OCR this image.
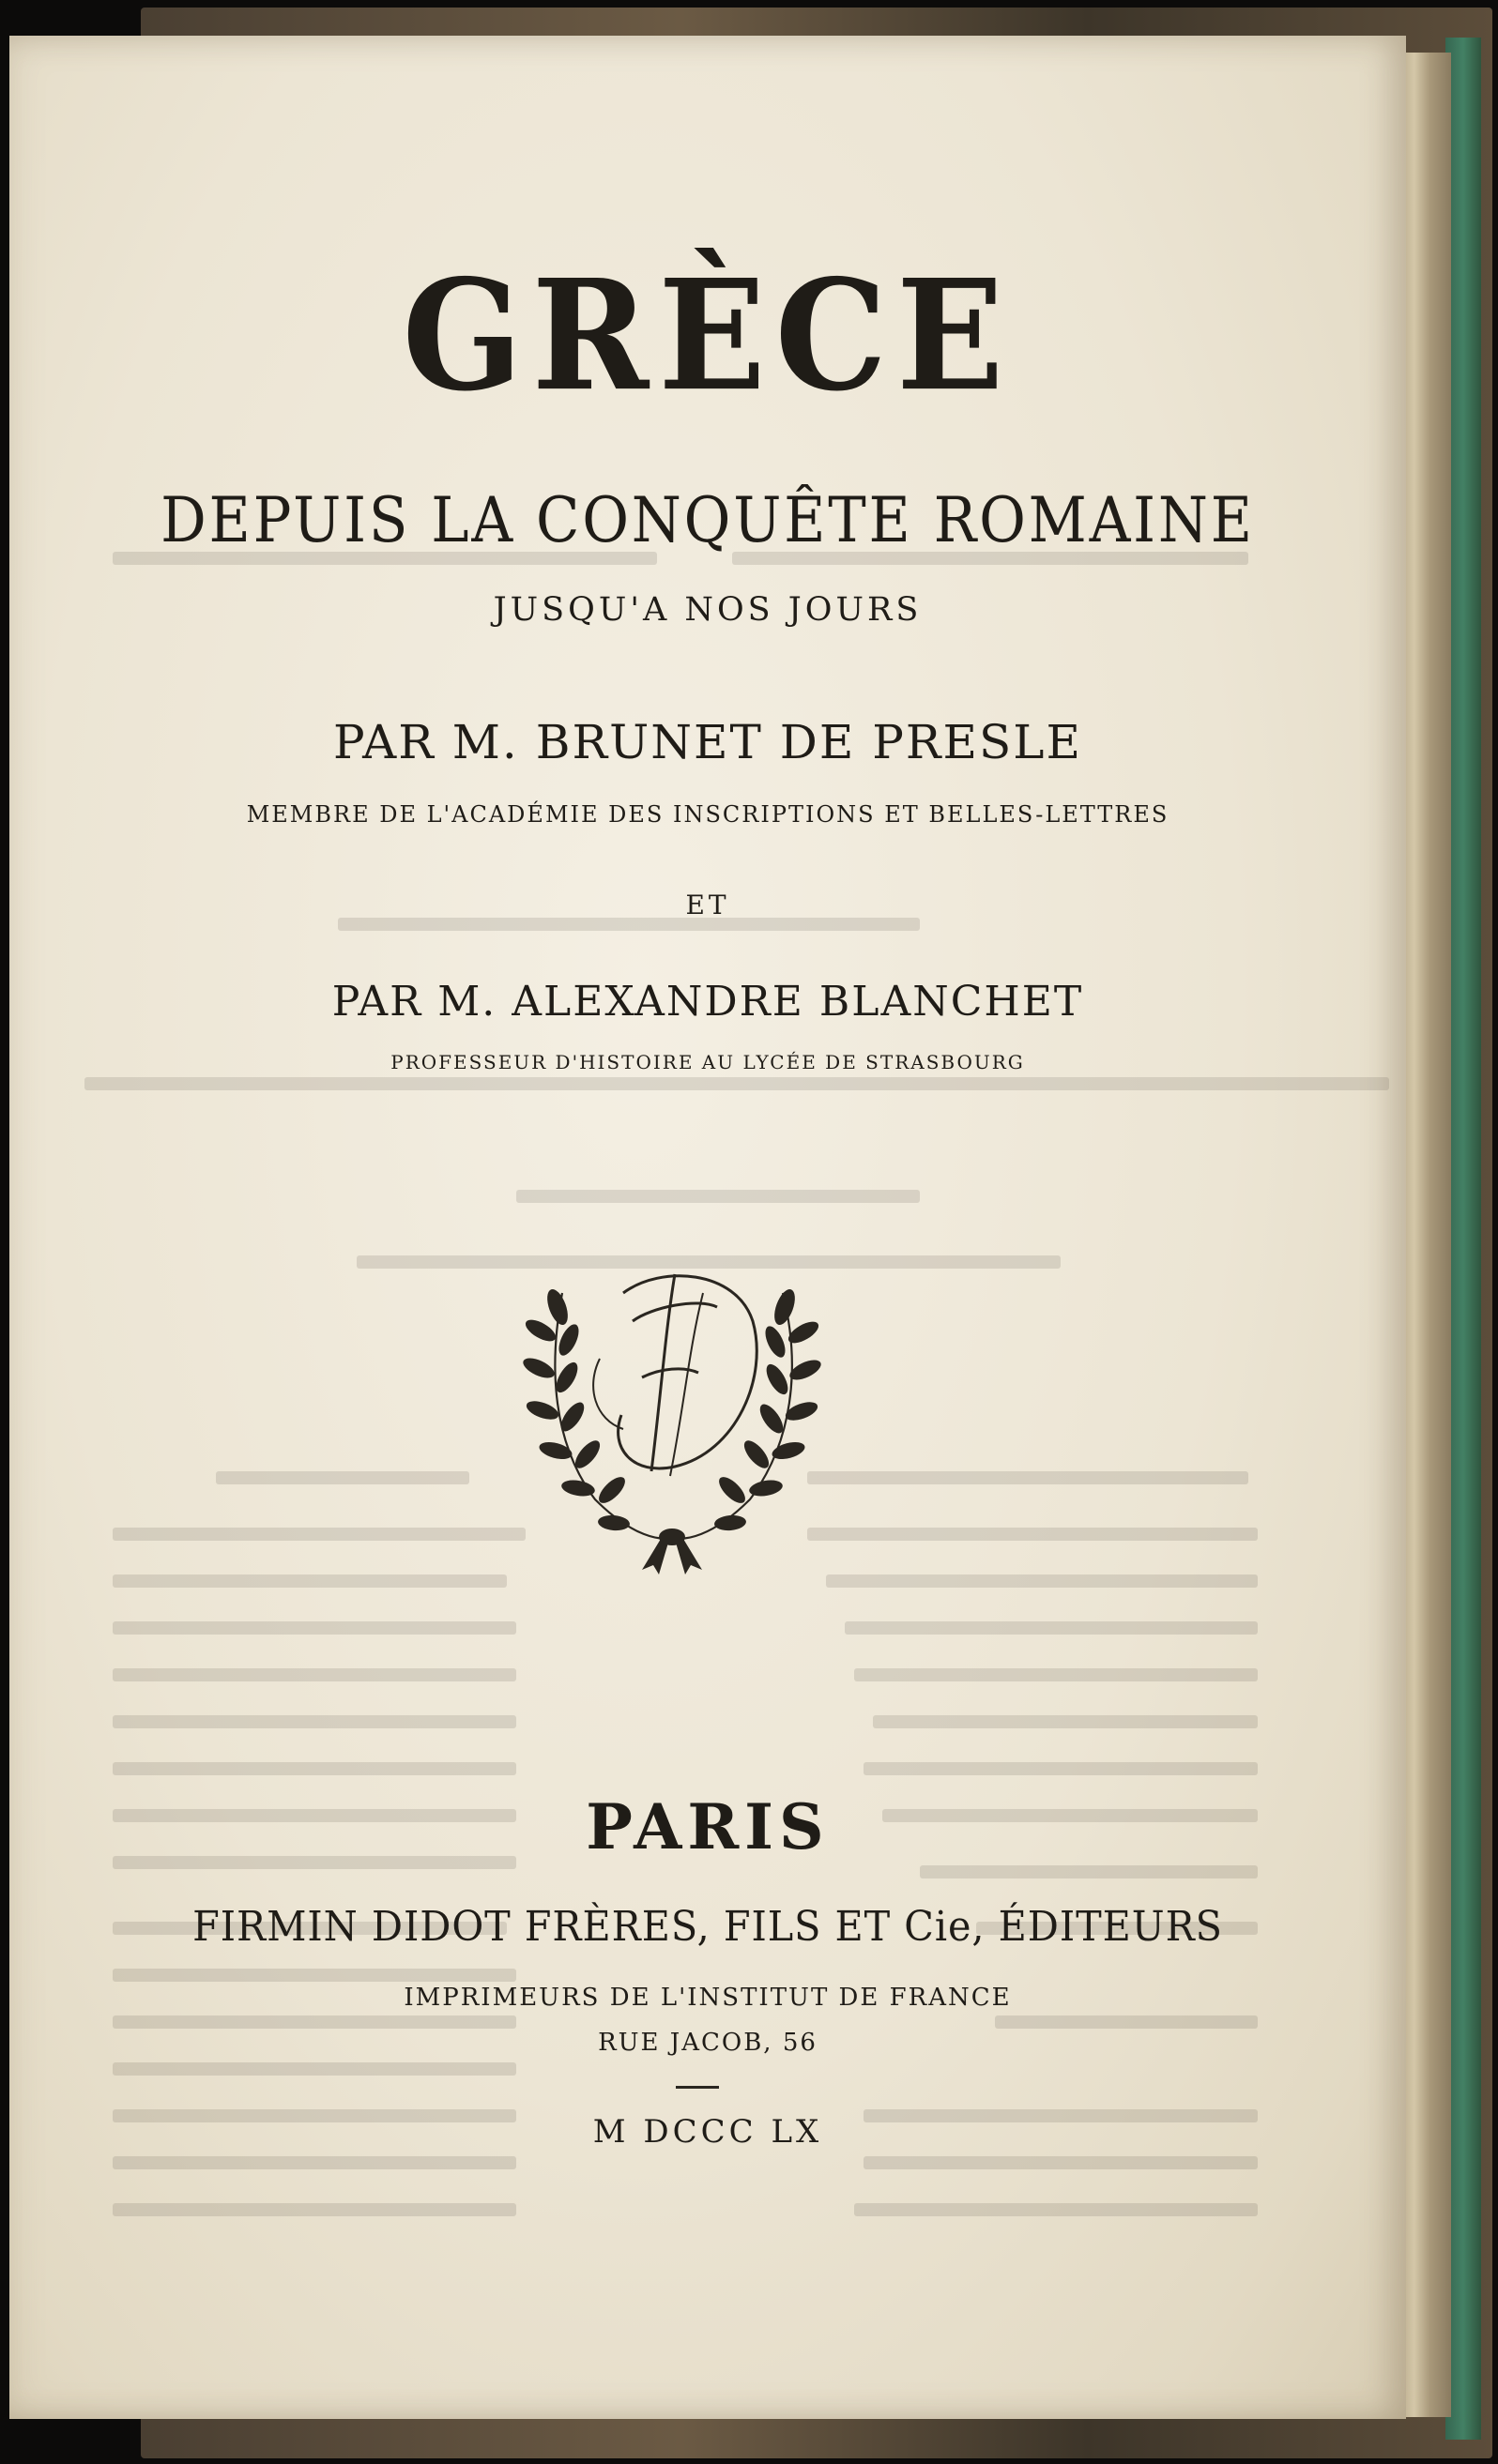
GRÈCE
DEPUIS LA CONQUÊTE ROMAINE
JUSQU'A NOS JOURS
PAR M. BRUNET DE PRESLE
MEMBRE DE L'ACADÉMIE DES INSCRIPTIONS ET BELLES-LETTRES
ET
PAR M. ALEXANDRE BLANCHET
PROFESSEUR D'HISTOIRE AU LYCÉE DE STRASBOURG
PARIS
FIRMIN DIDOT FRÈRES, FILS ET Cie, ÉDITEURS
IMPRIMEURS DE L'INSTITUT DE FRANCE
RUE JACOB, 56
M DCCC LX
